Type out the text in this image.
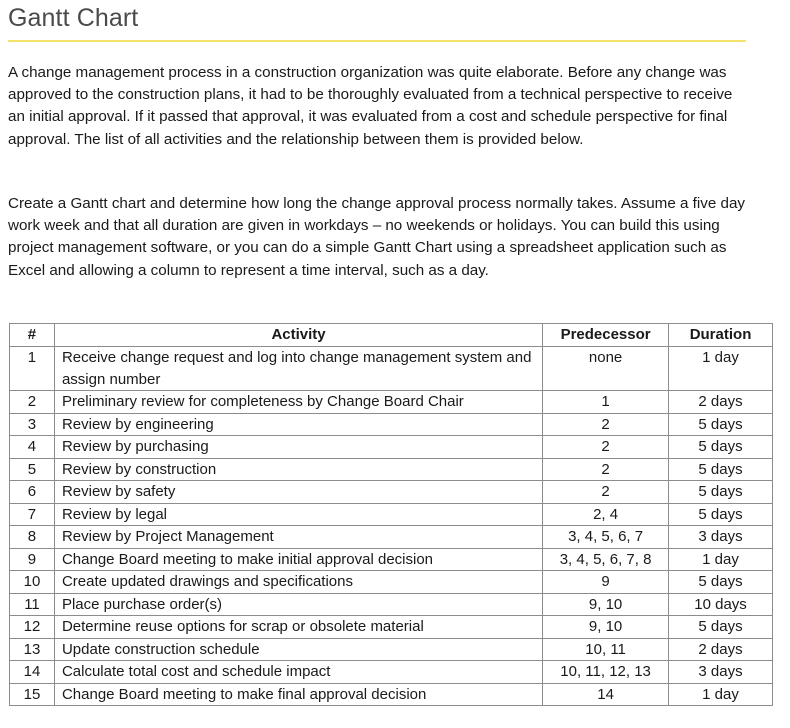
Gantt Chart

A change management process in a construction organization was quite elaborate. Before any change was approved to the construction plans, it had to be thoroughly evaluated from a technical perspective to receive an initial approval. If it passed that approval, it was evaluated from a cost and schedule perspective for final approval. The list of all activities and the relationship between them is provided below.

Create a Gantt chart and determine how long the change approval process normally takes. Assume a five day work week and that all duration are given in workdays – no weekends or holidays. You can build this using project management software, or you can do a simple Gantt Chart using a spreadsheet application such as Excel and allowing a column to represent a time interval, such as a day.

#	Activity	Predecessor	Duration
1	Receive change request and log into change management system and assign number	none	1 day
2	Preliminary review for completeness by Change Board Chair	1	2 days
3	Review by engineering	2	5 days
4	Review by purchasing	2	5 days
5	Review by construction	2	5 days
6	Review by safety	2	5 days
7	Review by legal	2, 4	5 days
8	Review by Project Management	3, 4, 5, 6, 7	3 days
9	Change Board meeting to make initial approval decision	3, 4, 5, 6, 7, 8	1 day
10	Create updated drawings and specifications	9	5 days
11	Place purchase order(s)	9, 10	10 days
12	Determine reuse options for scrap or obsolete material	9, 10	5 days
13	Update construction schedule	10, 11	2 days
14	Calculate total cost and schedule impact	10, 11, 12, 13	3 days
15	Change Board meeting to make final approval decision	14	1 day
